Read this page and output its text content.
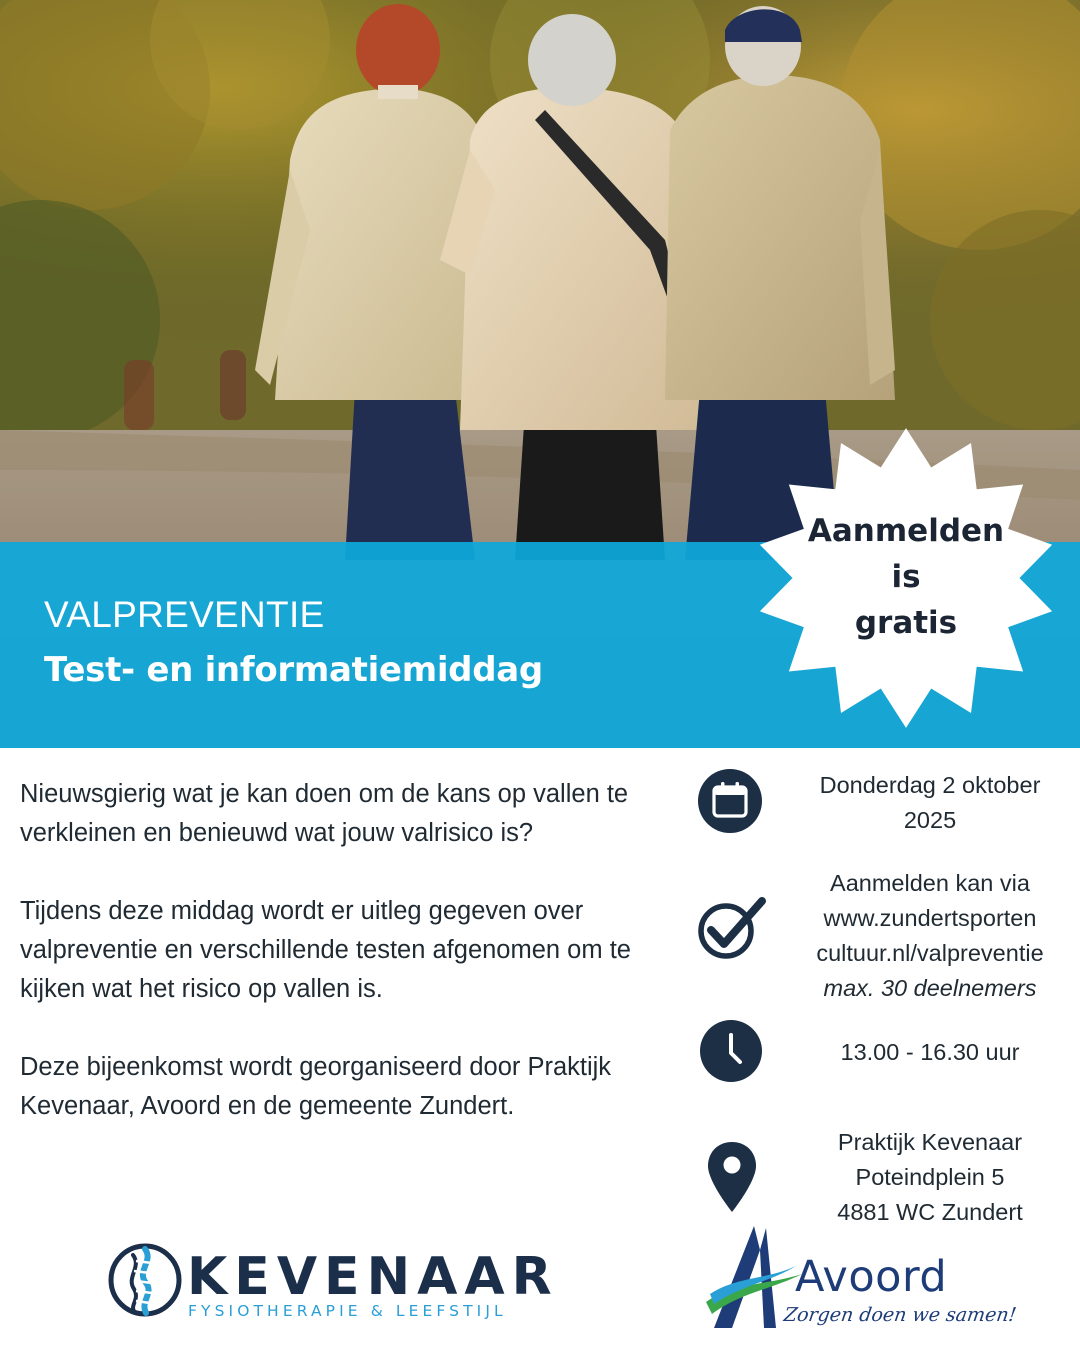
VALPREVENTIE
Test- en informatiemiddag
Aanmelden
is
gratis

Nieuwsgierig wat je kan doen om de kans op vallen te verkleinen en benieuwd wat jouw valrisico is?

Tijdens deze middag wordt er uitleg gegeven over valpreventie en verschillende testen afgenomen om te kijken wat het risico op vallen is.

Deze bijeenkomst wordt georganiseerd door Praktijk Kevenaar, Avoord en de gemeente Zundert.

Donderdag 2 oktober
2025
Aanmelden kan via
www.zundertsporten
cultuur.nl/valpreventie
max. 30 deelnemers
13.00 - 16.30 uur
Praktijk Kevenaar
Poteindplein 5
4881 WC Zundert
KEVENAAR
FYSIOTHERAPIE & LEEFSTIJL
Avoord
Zorgen doen we samen!
